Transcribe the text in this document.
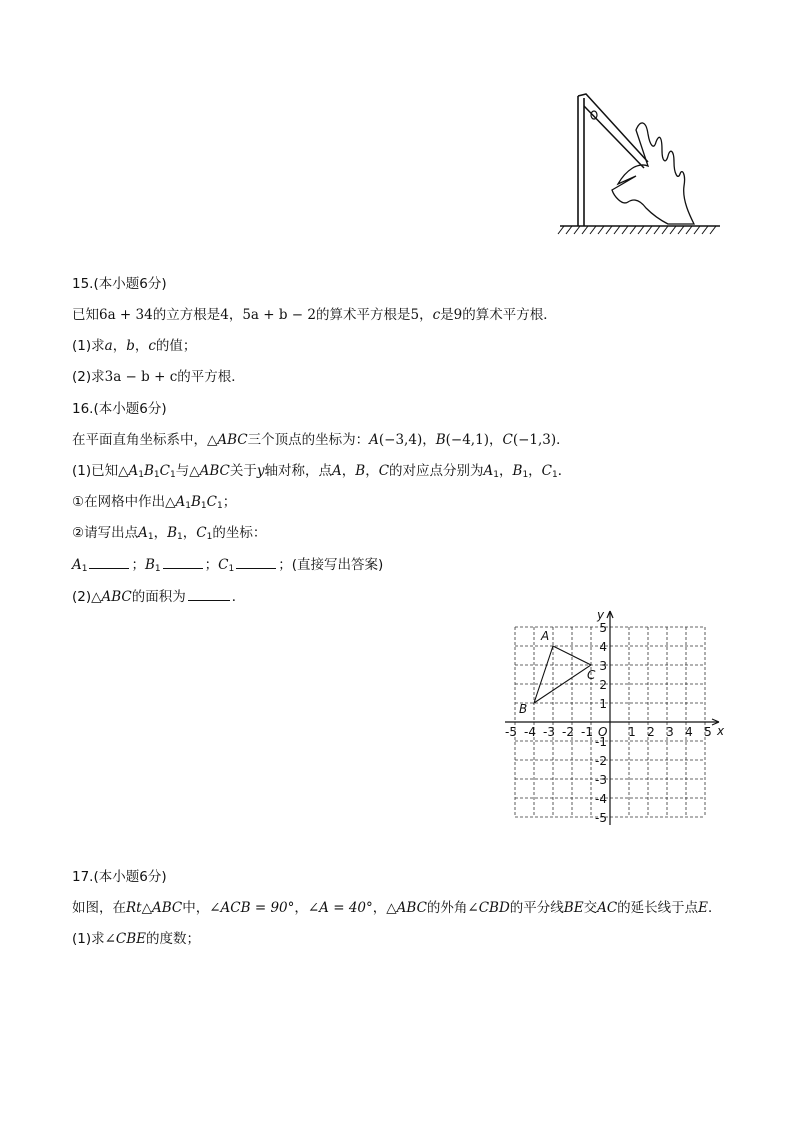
15.(本小题6分)
已知6a + 34的立方根是4，5a + b − 2的算术平方根是5，c是9的算术平方根．
(1)求a，b，c的值；
(2)求3a − b + c的平方根．
16.(本小题6分)
在平面直角坐标系中，△ABC三个顶点的坐标为：A(−3,4)，B(−4,1)，C(−1,3)．
(1)已知$\triangle A_1B_1C_1$与△ABC关于y轴对称，点A，B，C的对应点分别为$A_1$，$B_1$，$C_1$．
①在网格中作出$\triangle A_1B_1C_1$；
②请写出点$A_1$，$B_1$，$C_1$的坐标：
$A_1$	；$B_1$	；$C_1$	；(直接写出答案)
(2)△ABC的面积为	．
x
y
O
-5 -4 -3 -2 -1	1 2 3 4 5
5
4
3
2
1
-1
-2
-3
-4
-5
A
B
C
17.(本小题6分)
如图，在Rt△ABC中，∠ACB = 90°，∠A = 40°，△ABC的外角∠CBD的平分线BE交AC的延长线于点E．
(1)求∠CBE的度数；
